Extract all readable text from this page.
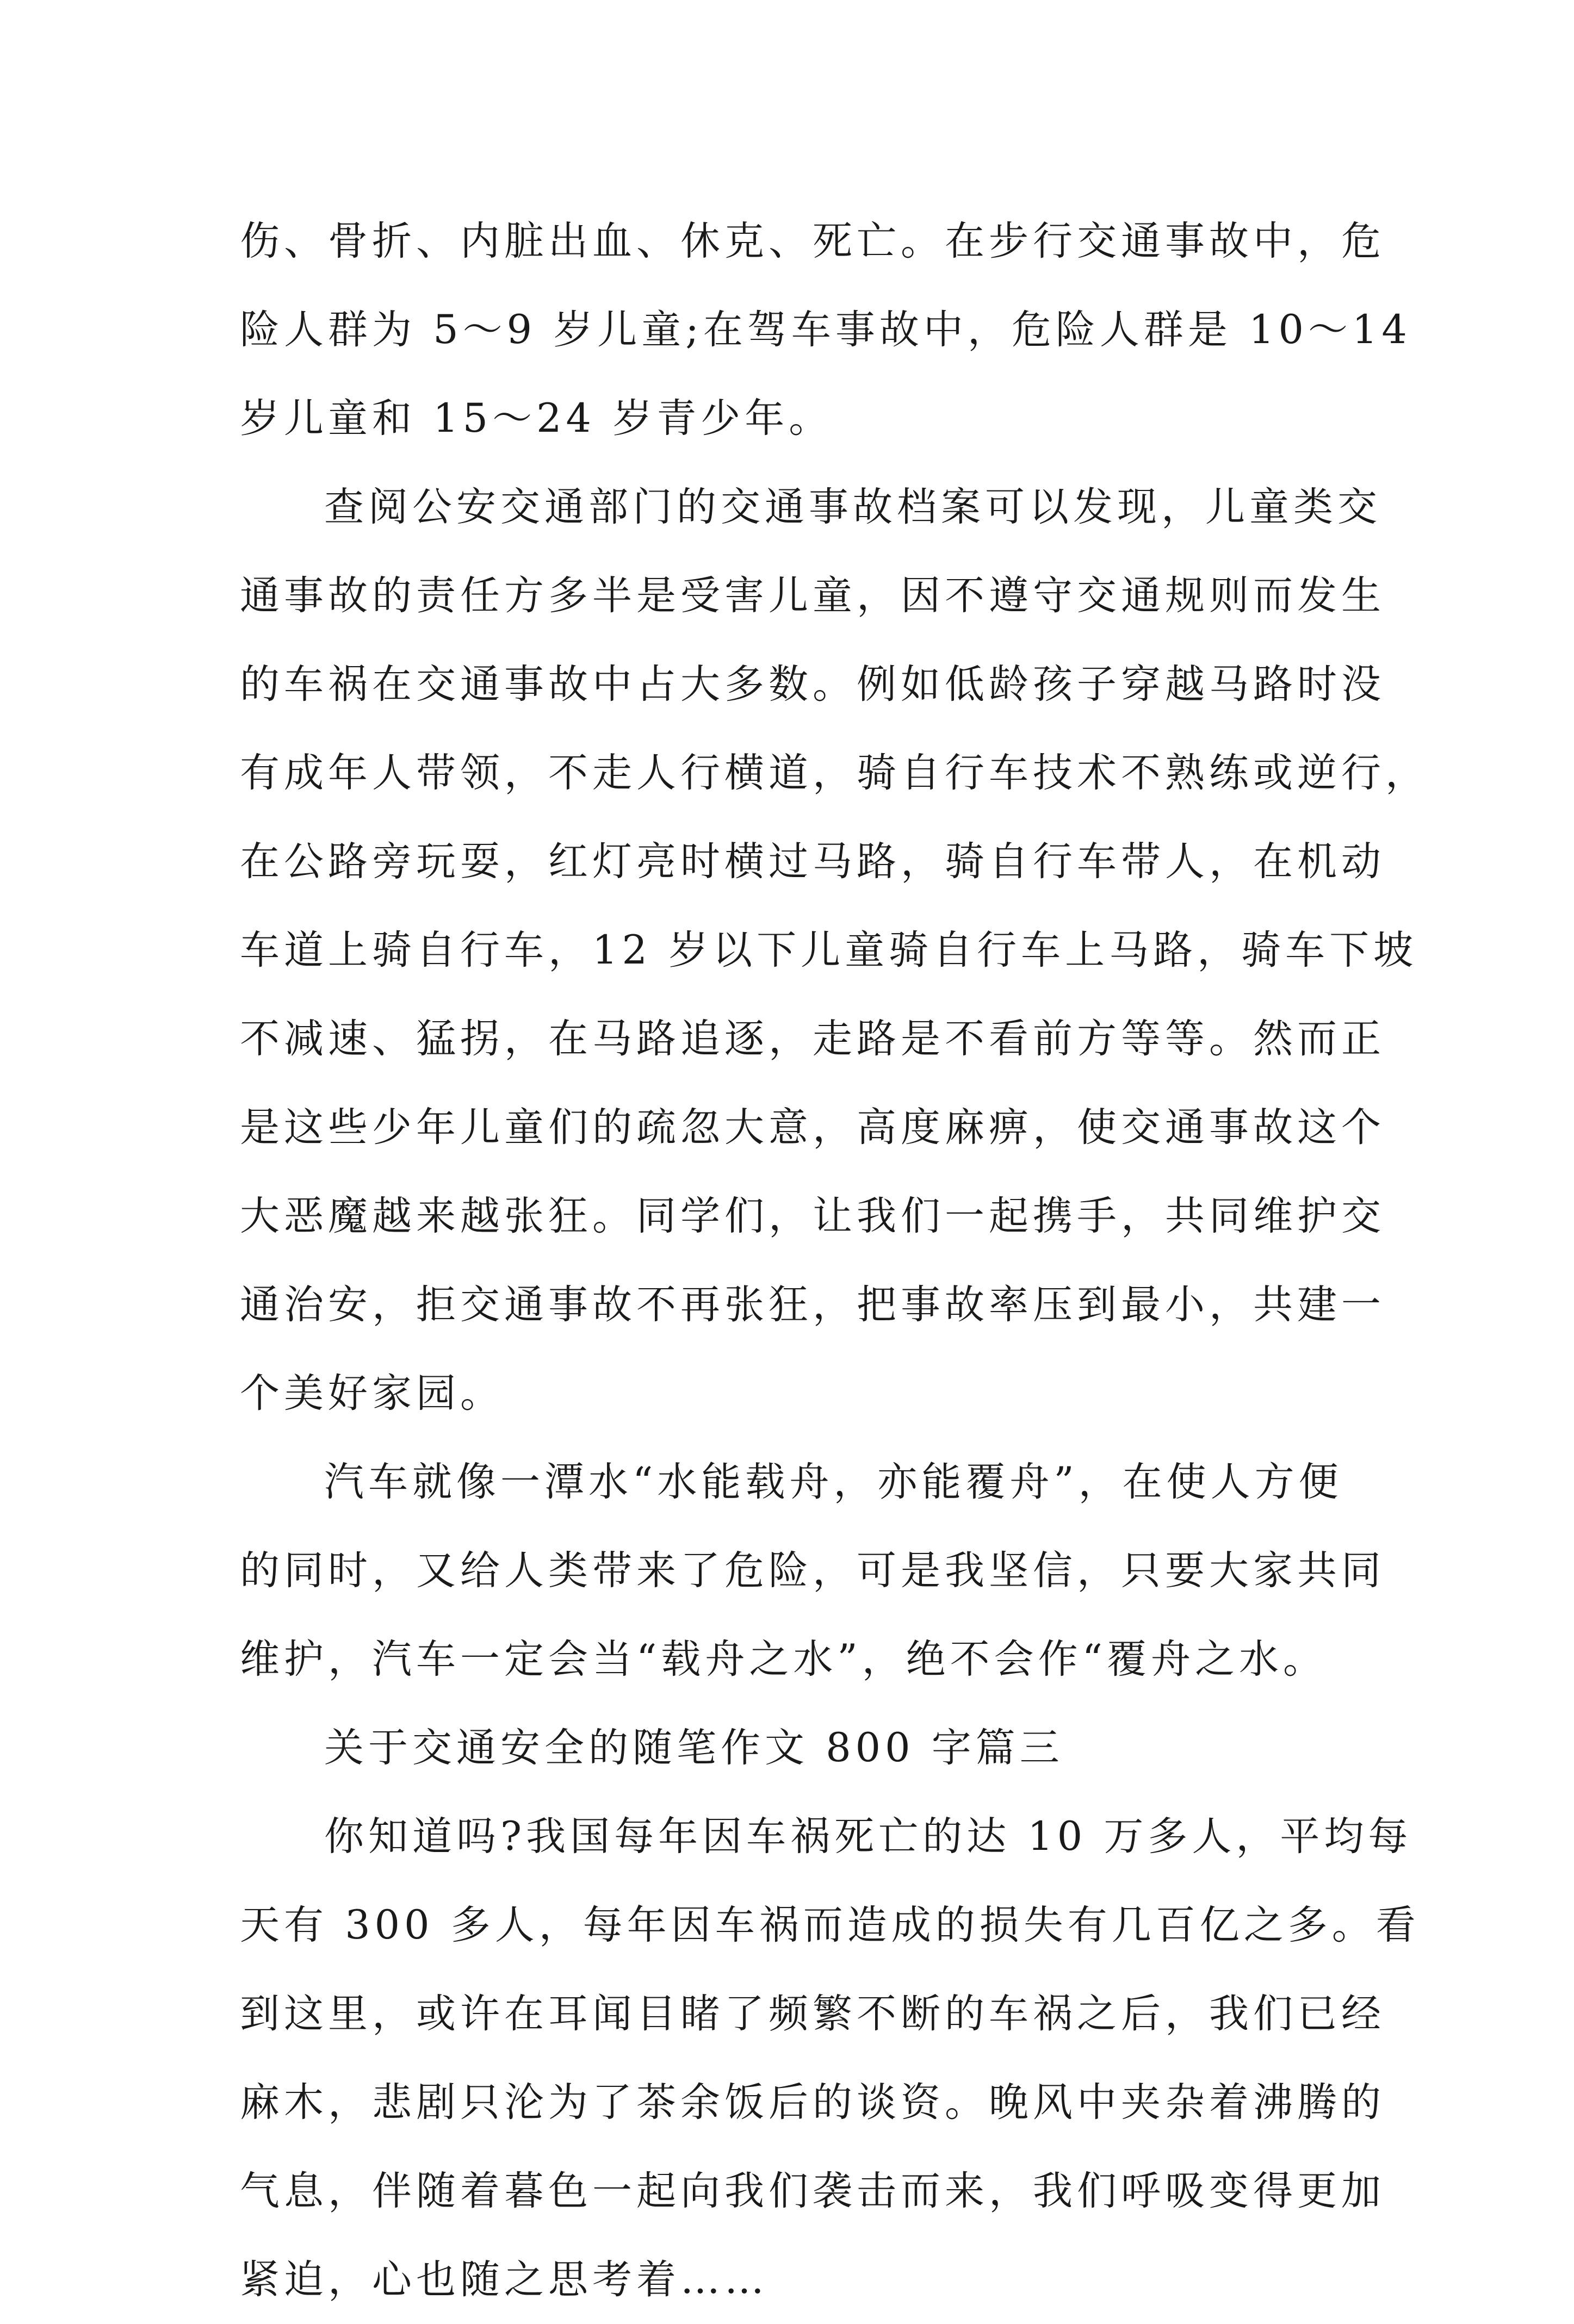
伤、骨折、内脏出血、休克、死亡。在步行交通事故中，危
险人群为 5～9 岁儿童;在驾车事故中，危险人群是 10～14
岁儿童和 15～24 岁青少年。
查阅公安交通部门的交通事故档案可以发现，儿童类交
通事故的责任方多半是受害儿童，因不遵守交通规则而发生
的车祸在交通事故中占大多数。例如低龄孩子穿越马路时没
有成年人带领，不走人行横道，骑自行车技术不熟练或逆行，
在公路旁玩耍，红灯亮时横过马路，骑自行车带人，在机动
车道上骑自行车，12 岁以下儿童骑自行车上马路，骑车下坡
不减速、猛拐，在马路追逐，走路是不看前方等等。然而正
是这些少年儿童们的疏忽大意，高度麻痹，使交通事故这个
大恶魔越来越张狂。同学们，让我们一起携手，共同维护交
通治安，拒交通事故不再张狂，把事故率压到最小，共建一
个美好家园。
汽车就像一潭水“水能载舟，亦能覆舟”，在使人方便
的同时，又给人类带来了危险，可是我坚信，只要大家共同
维护，汽车一定会当“载舟之水”，绝不会作“覆舟之水。
关于交通安全的随笔作文 800 字篇三
你知道吗?我国每年因车祸死亡的达 10 万多人，平均每
天有 300 多人，每年因车祸而造成的损失有几百亿之多。看
到这里，或许在耳闻目睹了频繁不断的车祸之后，我们已经
麻木，悲剧只沦为了茶余饭后的谈资。晚风中夹杂着沸腾的
气息，伴随着暮色一起向我们袭击而来，我们呼吸变得更加
紧迫，心也随之思考着……
